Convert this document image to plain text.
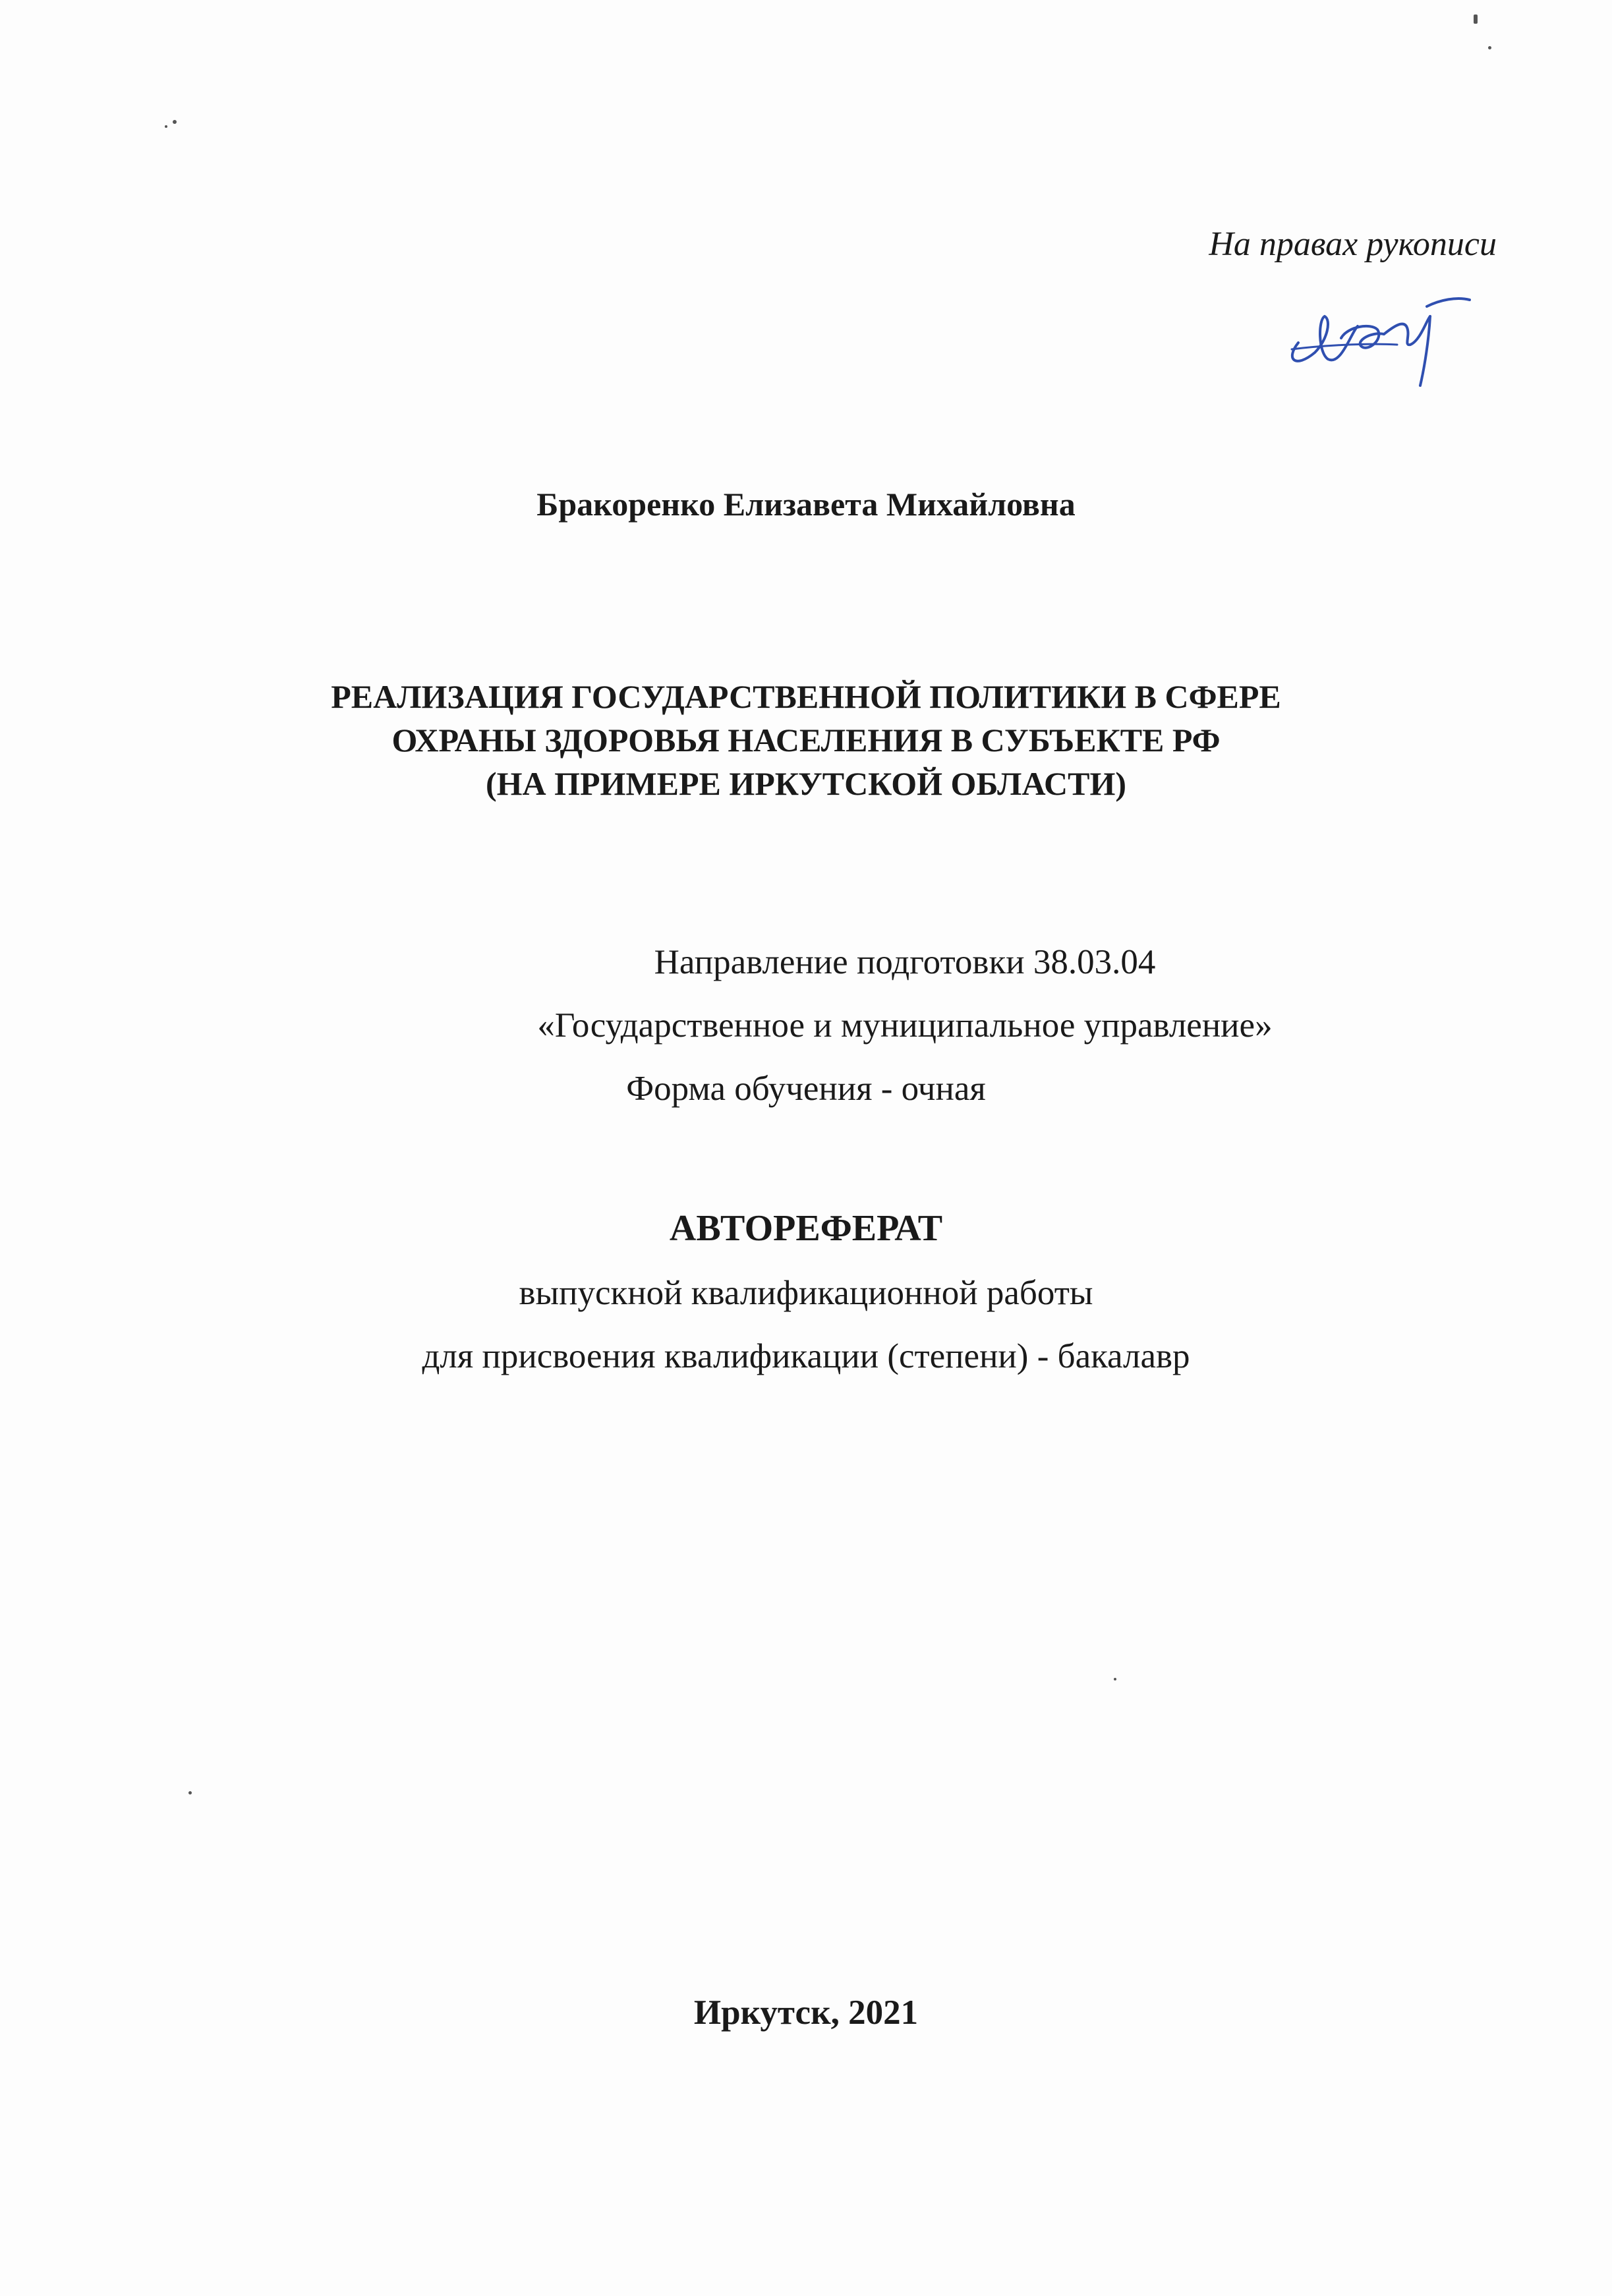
На правах рукописи
Бракоренко Елизавета Михайловна
РЕАЛИЗАЦИЯ ГОСУДАРСТВЕННОЙ ПОЛИТИКИ В СФЕРЕ
ОХРАНЫ ЗДОРОВЬЯ НАСЕЛЕНИЯ В СУБЪЕКТЕ РФ
(НА ПРИМЕРЕ ИРКУТСКОЙ ОБЛАСТИ)
Направление подготовки 38.03.04
«Государственное и муниципальное управление»
Форма обучения - очная
АВТОРЕФЕРАТ
выпускной квалификационной работы
для присвоения квалификации (степени) - бакалавр
Иркутск, 2021
